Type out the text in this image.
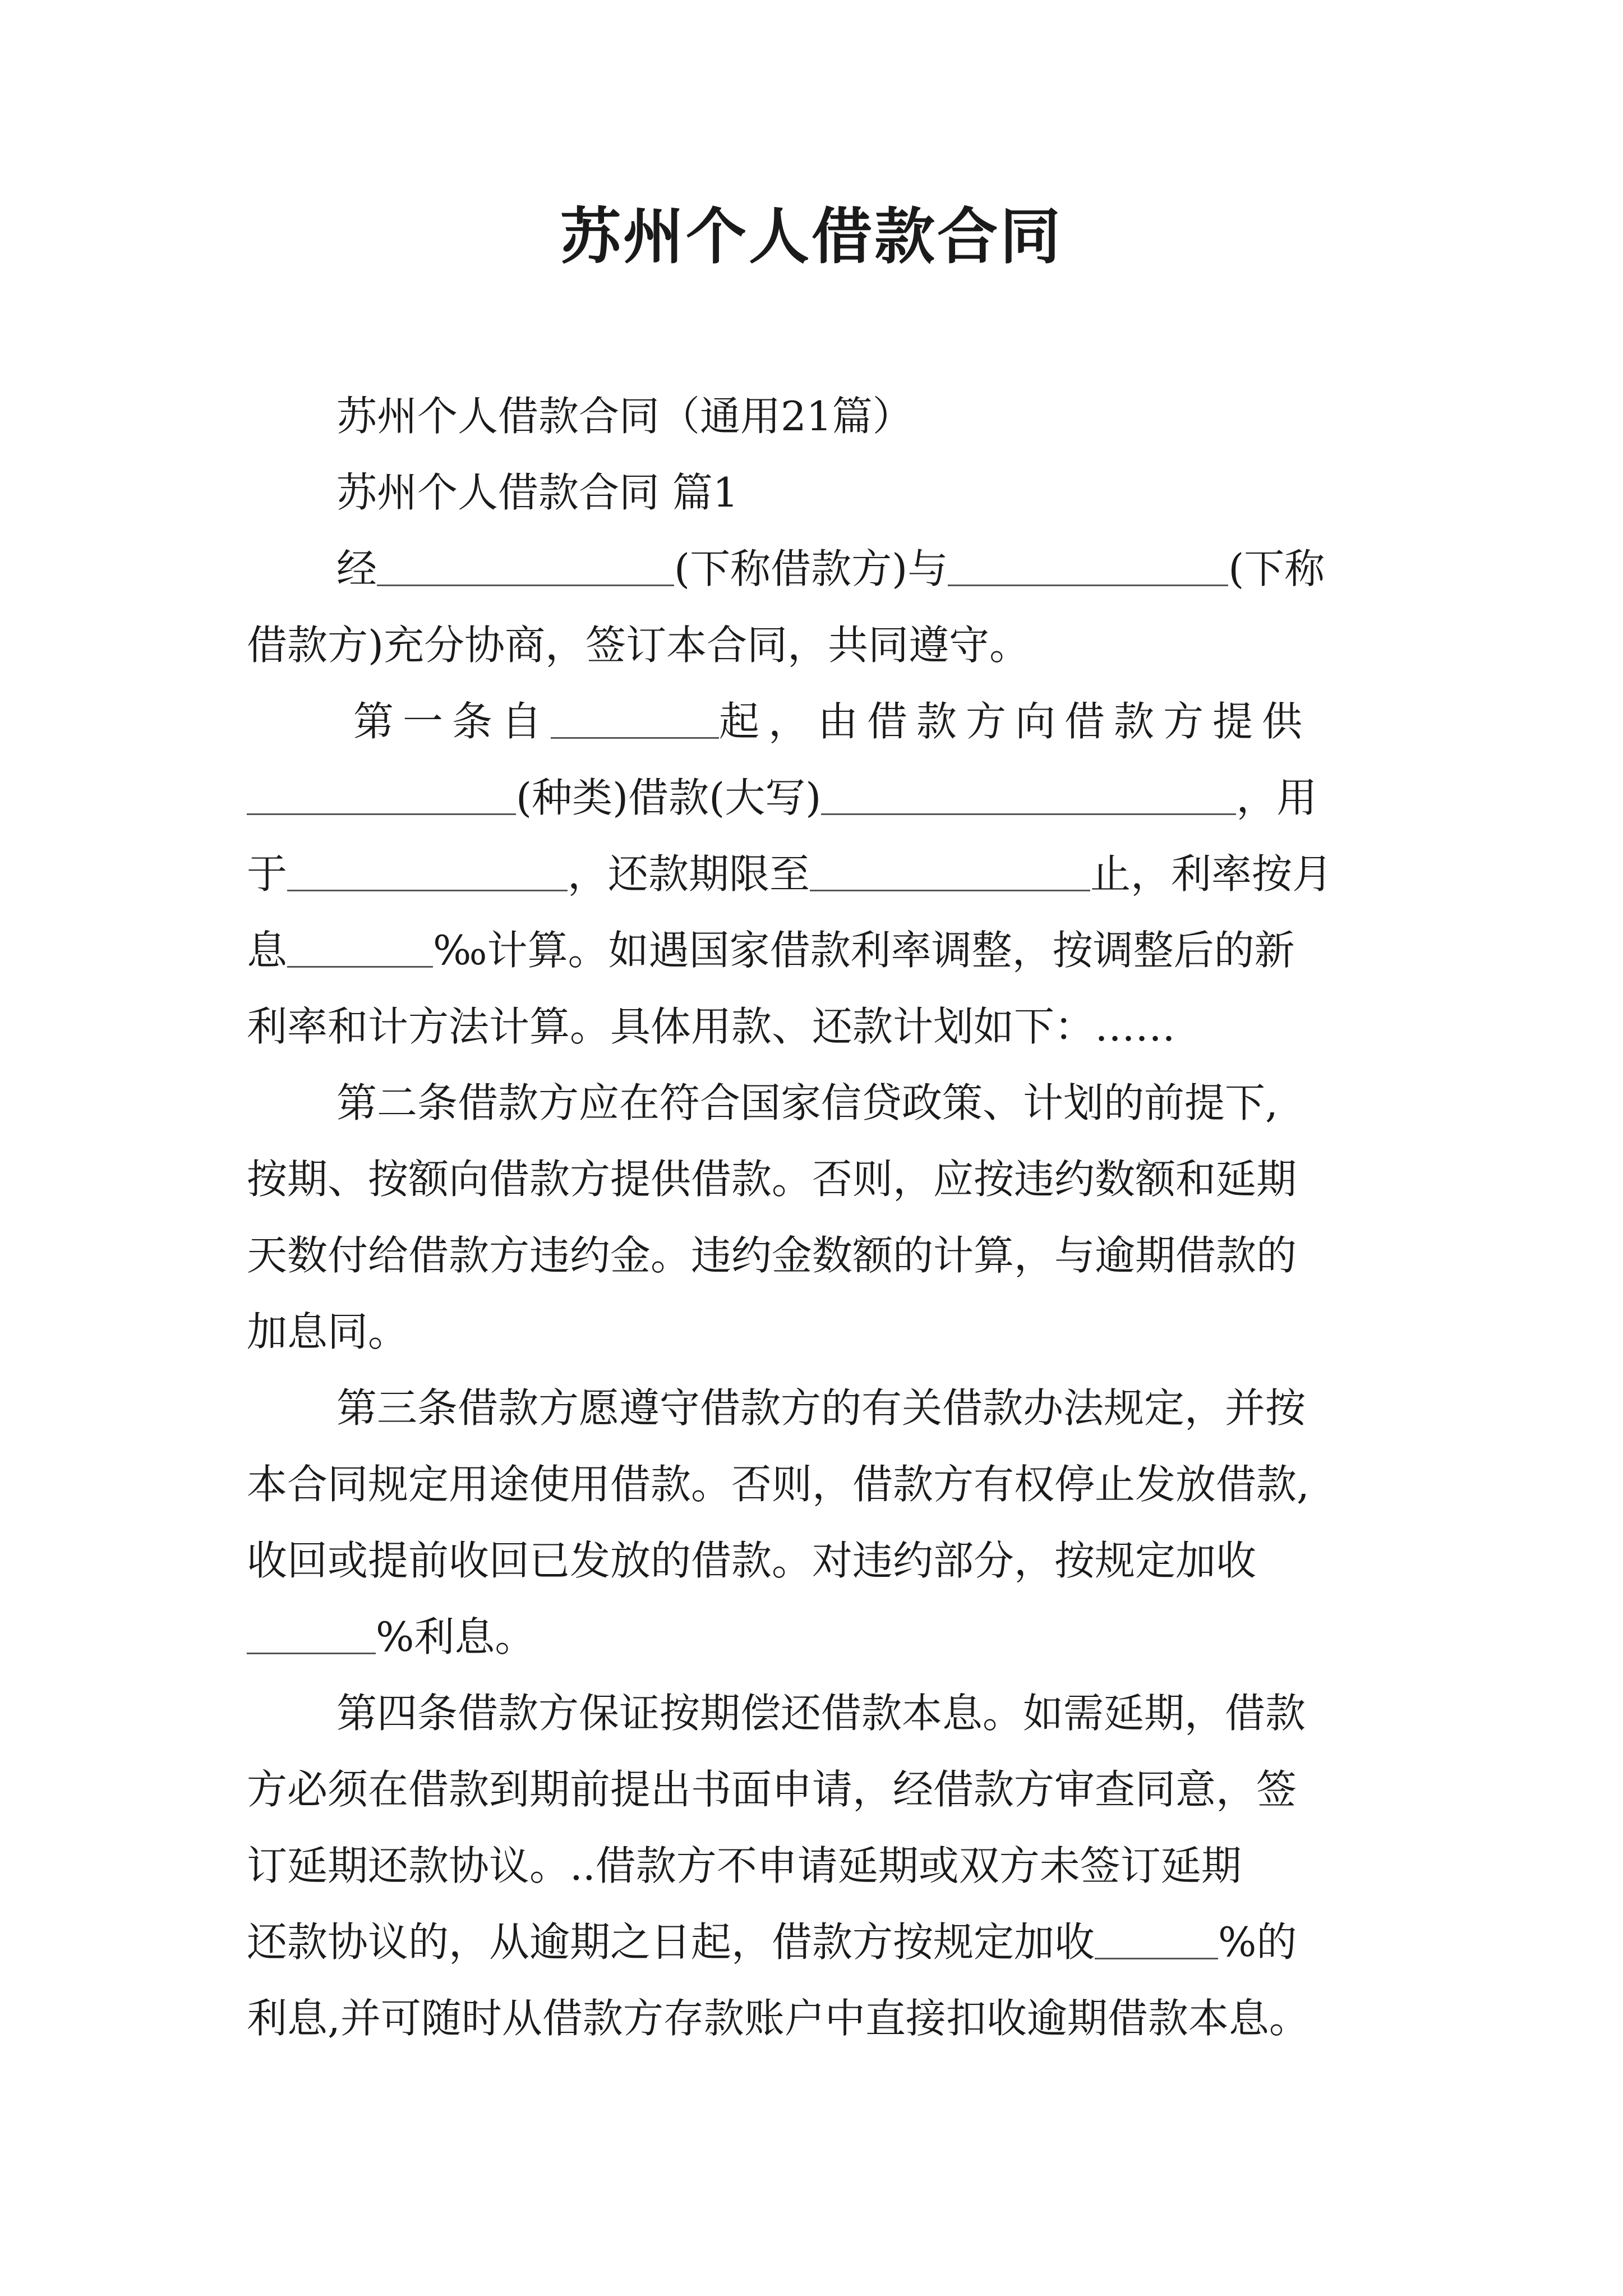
苏州个人借款合同
苏州个人借款合同（通用21篇）
苏州个人借款合同 篇1
经	(下称借款方)与	(下称
借款方)充分协商，签订本合同，共同遵守。
第一条自	起，由借款方向借款方提供
(种类)借款(大写)	，用
于	，还款期限至	止，利率按月
息	‰计算。如遇国家借款利率调整，按调整后的新
利率和计方法计算。具体用款、还款计划如下：……
第二条借款方应在符合国家信贷政策、计划的前提下,
按期、按额向借款方提供借款。否则，应按违约数额和延期
天数付给借款方违约金。违约金数额的计算，与逾期借款的
加息同。
第三条借款方愿遵守借款方的有关借款办法规定，并按
本合同规定用途使用借款。否则，借款方有权停止发放借款,
收回或提前收回已发放的借款。对违约部分，按规定加收
%利息。
第四条借款方保证按期偿还借款本息。如需延期，借款
方必须在借款到期前提出书面申请，经借款方审查同意，签
订延期还款协议。..借款方不申请延期或双方未签订延期
还款协议的，从逾期之日起，借款方按规定加收	%的
利息,并可随时从借款方存款账户中直接扣收逾期借款本息。
